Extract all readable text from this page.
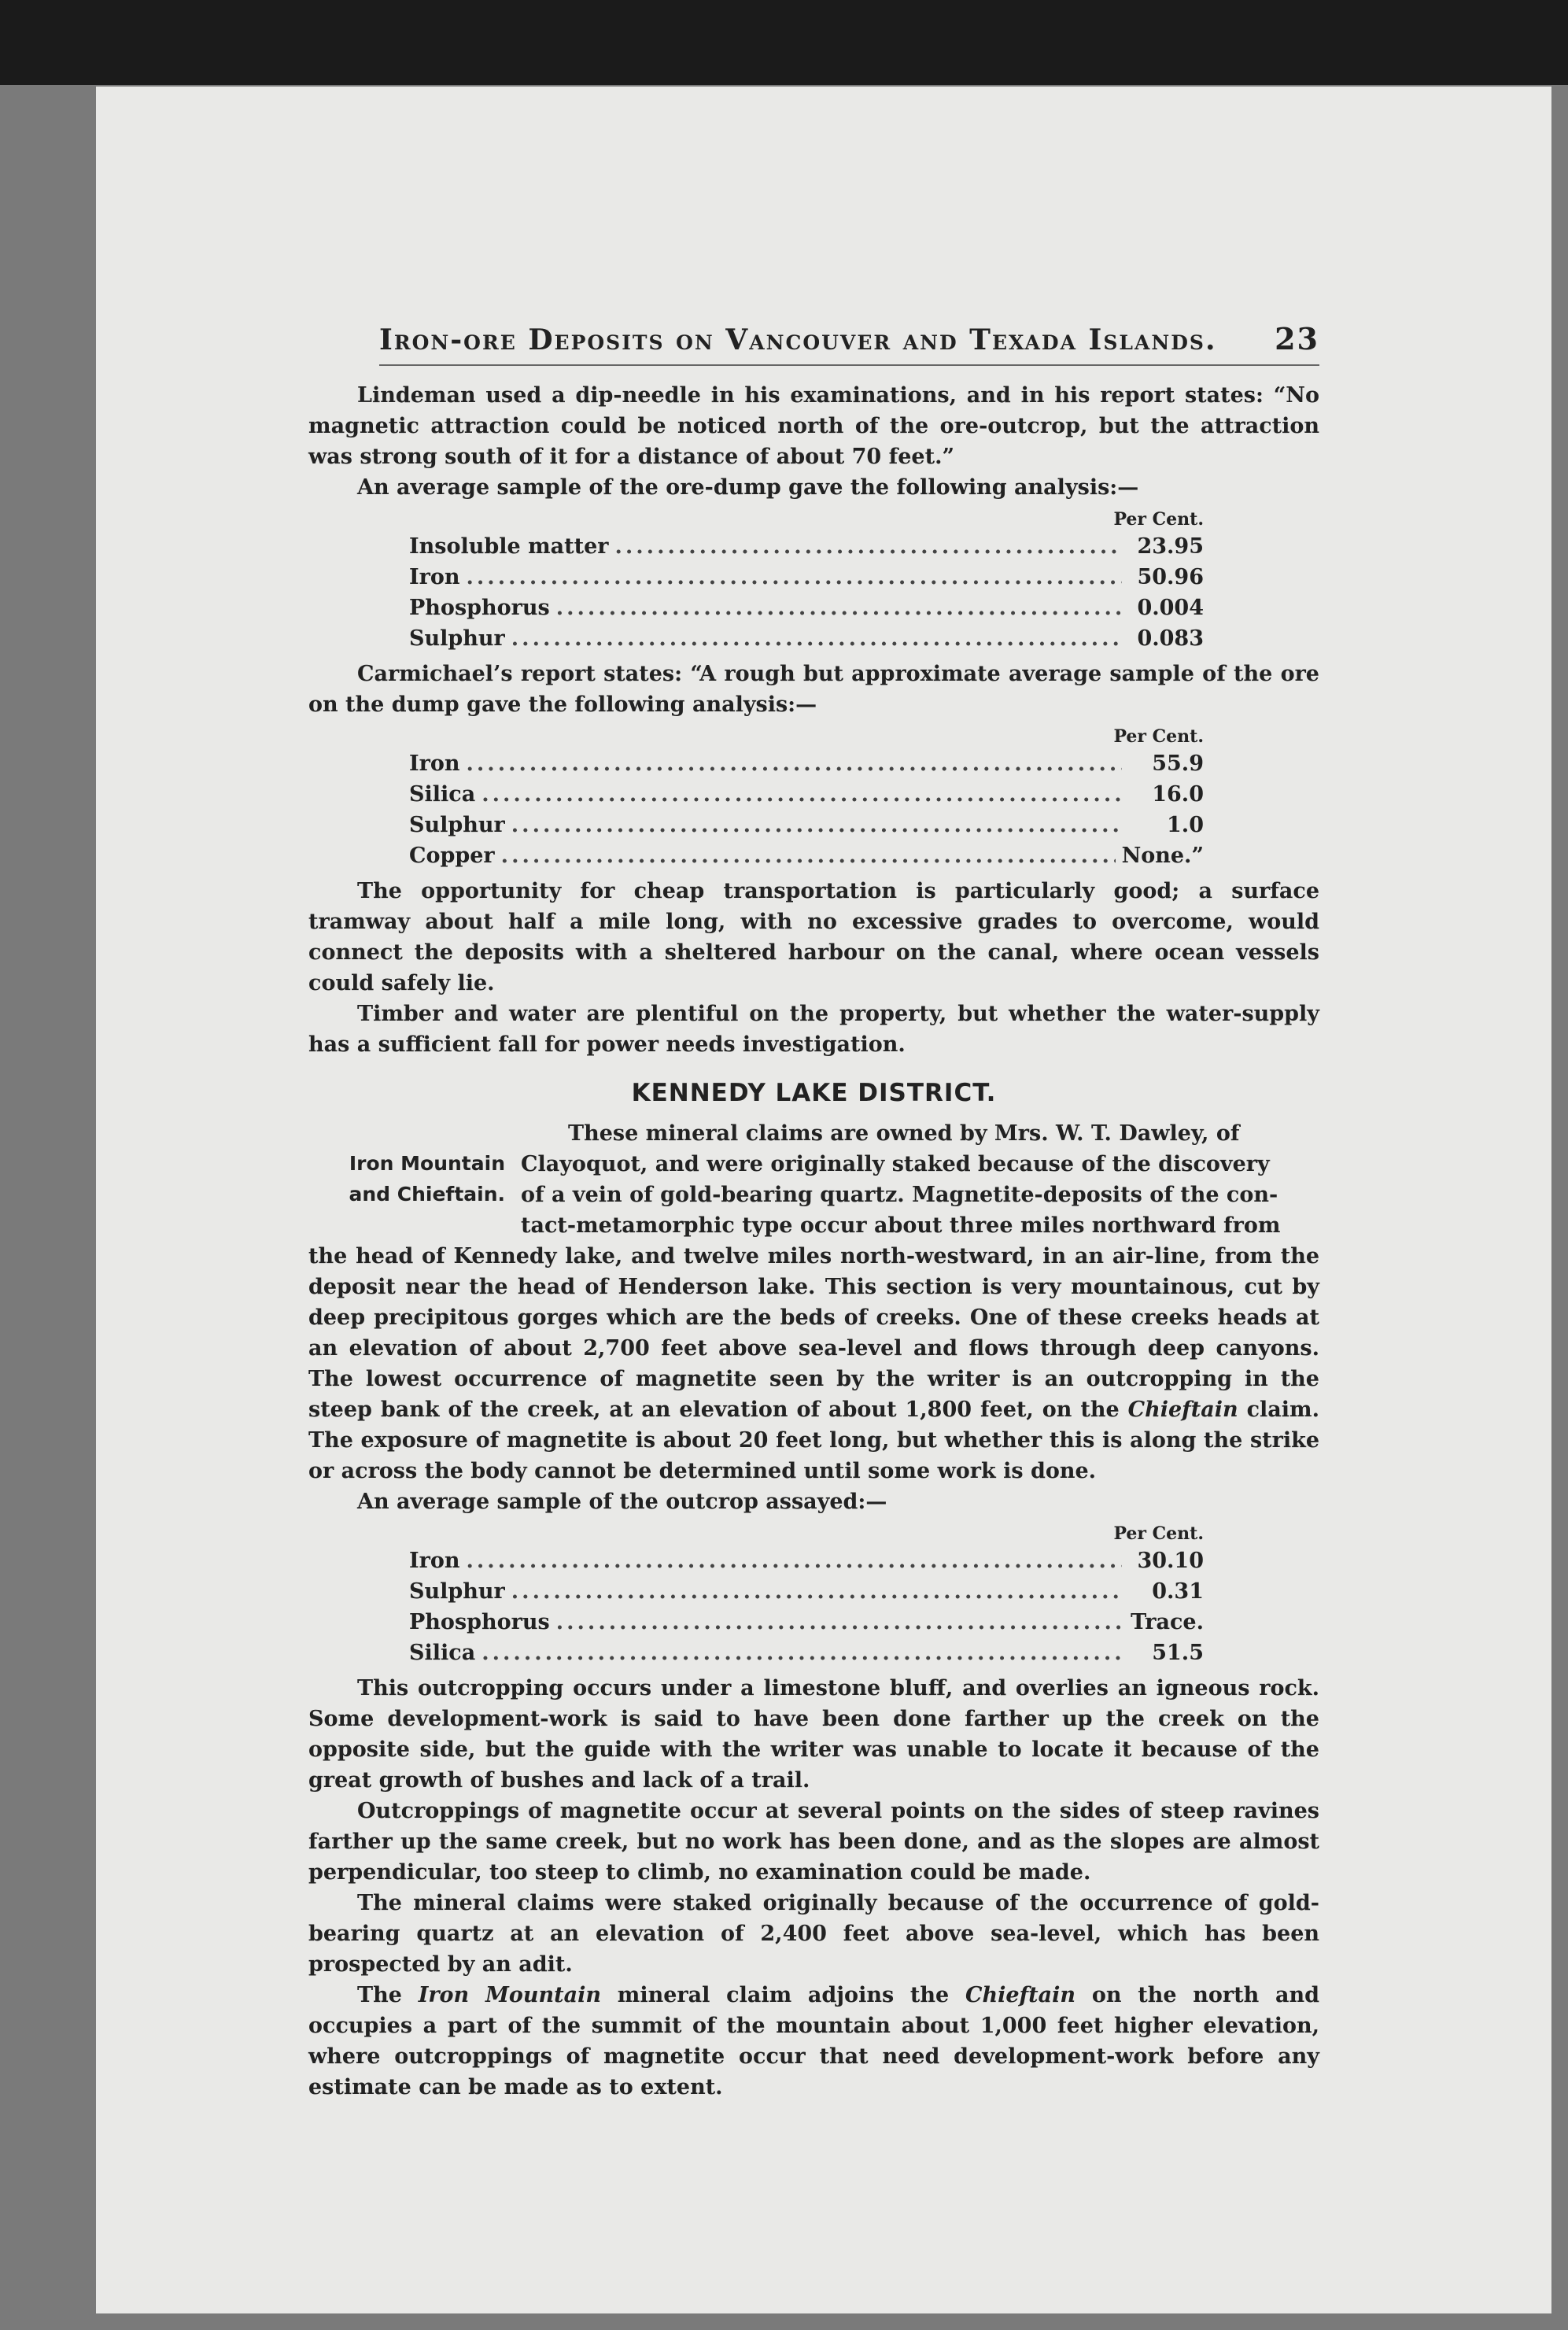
Iron-ore Deposits on Vancouver and Texada Islands. 23

Lindeman used a dip-needle in his examinations, and in his report states: “No magnetic attraction could be noticed north of the ore-outcrop, but the attraction was strong south of it for a distance of about 70 feet.”

An average sample of the ore-dump gave the following analysis:—

Per Cent.
Insoluble matter .....	23.95
Iron .....	50.96
Phosphorus .....	0.004
Sulphur .....	0.083

Carmichael’s report states: “A rough but approximate average sample of the ore on the dump gave the following analysis:—

Per Cent.
Iron .....	55.9
Silica .....	16.0
Sulphur .....	1.0
Copper .....	None.”

The opportunity for cheap transportation is particularly good; a surface tramway about half a mile long, with no excessive grades to overcome, would connect the deposits with a sheltered harbour on the canal, where ocean vessels could safely lie.

Timber and water are plentiful on the property, but whether the water-supply has a sufficient fall for power needs investigation.

KENNEDY LAKE DISTRICT.
Iron Mountain
and Chieftain.

These mineral claims are owned by Mrs. W. T. Dawley, of

Clayoquot, and were originally staked because of the discovery

of a vein of gold-bearing quartz. Magnetite-deposits of the con-

tact-metamorphic type occur about three miles northward from

the head of Kennedy lake, and twelve miles north-westward, in an air-line, from the deposit near the head of Henderson lake. This section is very mountainous, cut by deep precipitous gorges which are the beds of creeks. One of these creeks heads at an elevation of about 2,700 feet above sea-level and flows through deep canyons. The lowest occurrence of magnetite seen by the writer is an outcropping in the steep bank of the creek, at an elevation of about 1,800 feet, on the Chieftain claim. The exposure of magnetite is about 20 feet long, but whether this is along the strike or across the body cannot be determined until some work is done.

An average sample of the outcrop assayed:—

Per Cent.
Iron .....	30.10
Sulphur .....	0.31
Phosphorus .....	Trace.
Silica .....	51.5

This outcropping occurs under a limestone bluff, and overlies an igneous rock. Some development-work is said to have been done farther up the creek on the opposite side, but the guide with the writer was unable to locate it because of the great growth of bushes and lack of a trail.

Outcroppings of magnetite occur at several points on the sides of steep ravines farther up the same creek, but no work has been done, and as the slopes are almost perpendicular, too steep to climb, no examination could be made.

The mineral claims were staked originally because of the occurrence of gold-bearing quartz at an elevation of 2,400 feet above sea-level, which has been prospected by an adit.

The Iron Mountain mineral claim adjoins the Chieftain on the north and occupies a part of the summit of the mountain about 1,000 feet higher elevation, where outcroppings of magnetite occur that need development-work before any estimate can be made as to extent.
